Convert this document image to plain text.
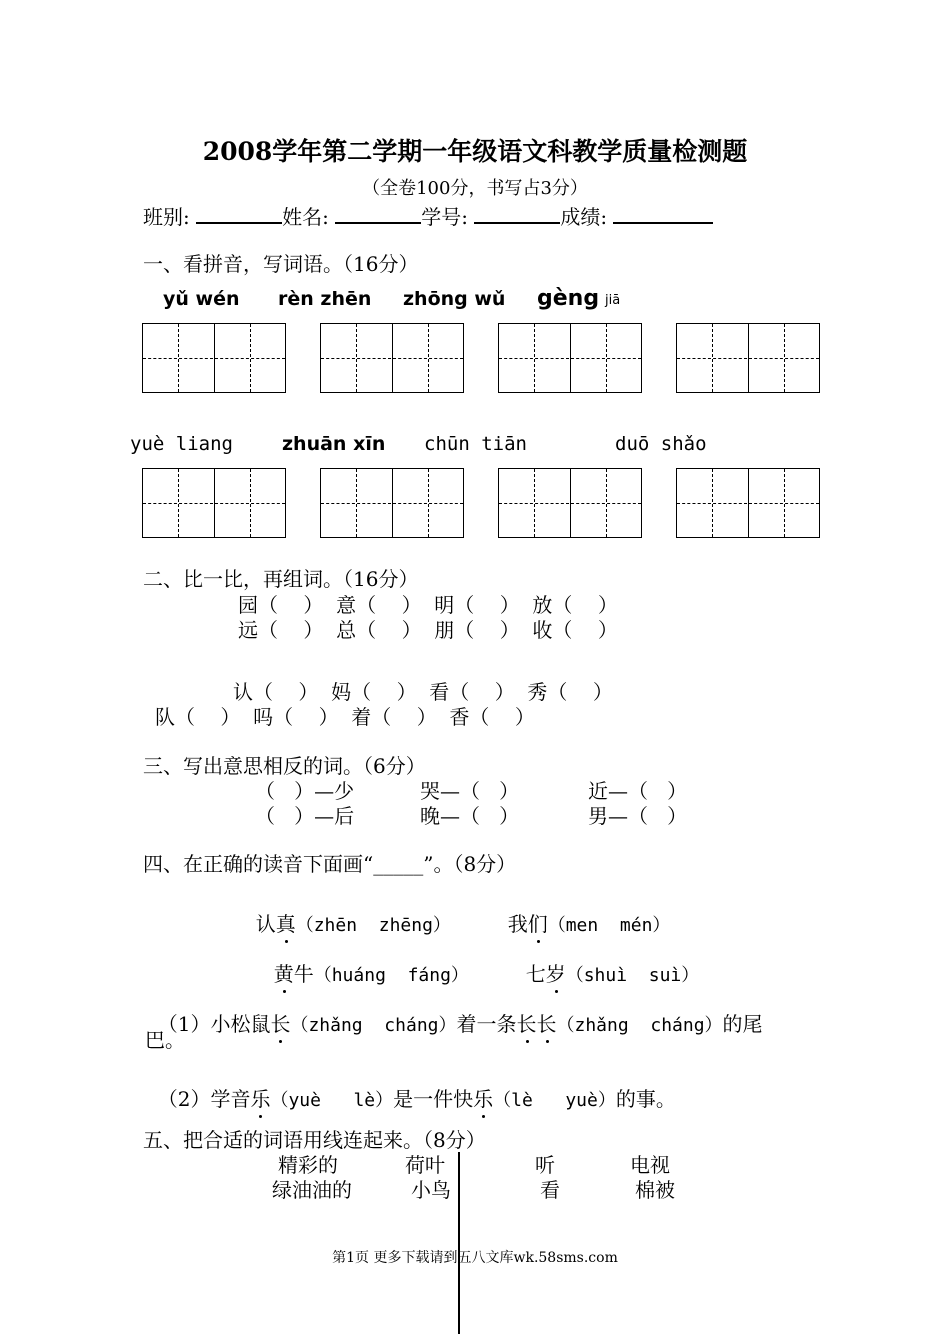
2008学年第二学期一年级语文科教学质量检测题
（全卷100分，书写占3分）
班别:	姓名:	学号:	成绩:
一、看拼音，写词语。（16分）
yǔ wén rèn zhēn zhōng wǔ gèng jiā
yuè liang	zhuān xīn chūn tiān	duō shǎo
二、比一比，再组词。（16分）
园（    ）  意（    ）  明（    ）  放（    ）
远（    ）  总（    ）  朋（    ）  收（    ）
认（    ）  妈（    ）  看（    ）  秀（    ）
队（    ）  吗（    ）  着（    ）  香（    ）
三、写出意思相反的词。（6分）
（   ）—少	哭—（   ）	近—（   ）
（   ）—后	晚—（   ）	男—（   ）
四、在正确的读音下面画“_____”。（8分）

认真（zhēn  zhēng）	我们（men  mén）

黄牛（huáng  fáng）	七岁（shuì  suì）

（1）小松鼠长（zhǎng  cháng）着一条长长（zhǎng  cháng）的尾

巴。

（2）学音乐（yuè   lè）是一件快乐（lè   yuè）的事。

五、把合适的词语用线连起来。（8分）
精彩的	荷叶	听	电视
绿油油的	小鸟	看	棉被
第1页 更多下载请到五八文库wk.58sms.com
